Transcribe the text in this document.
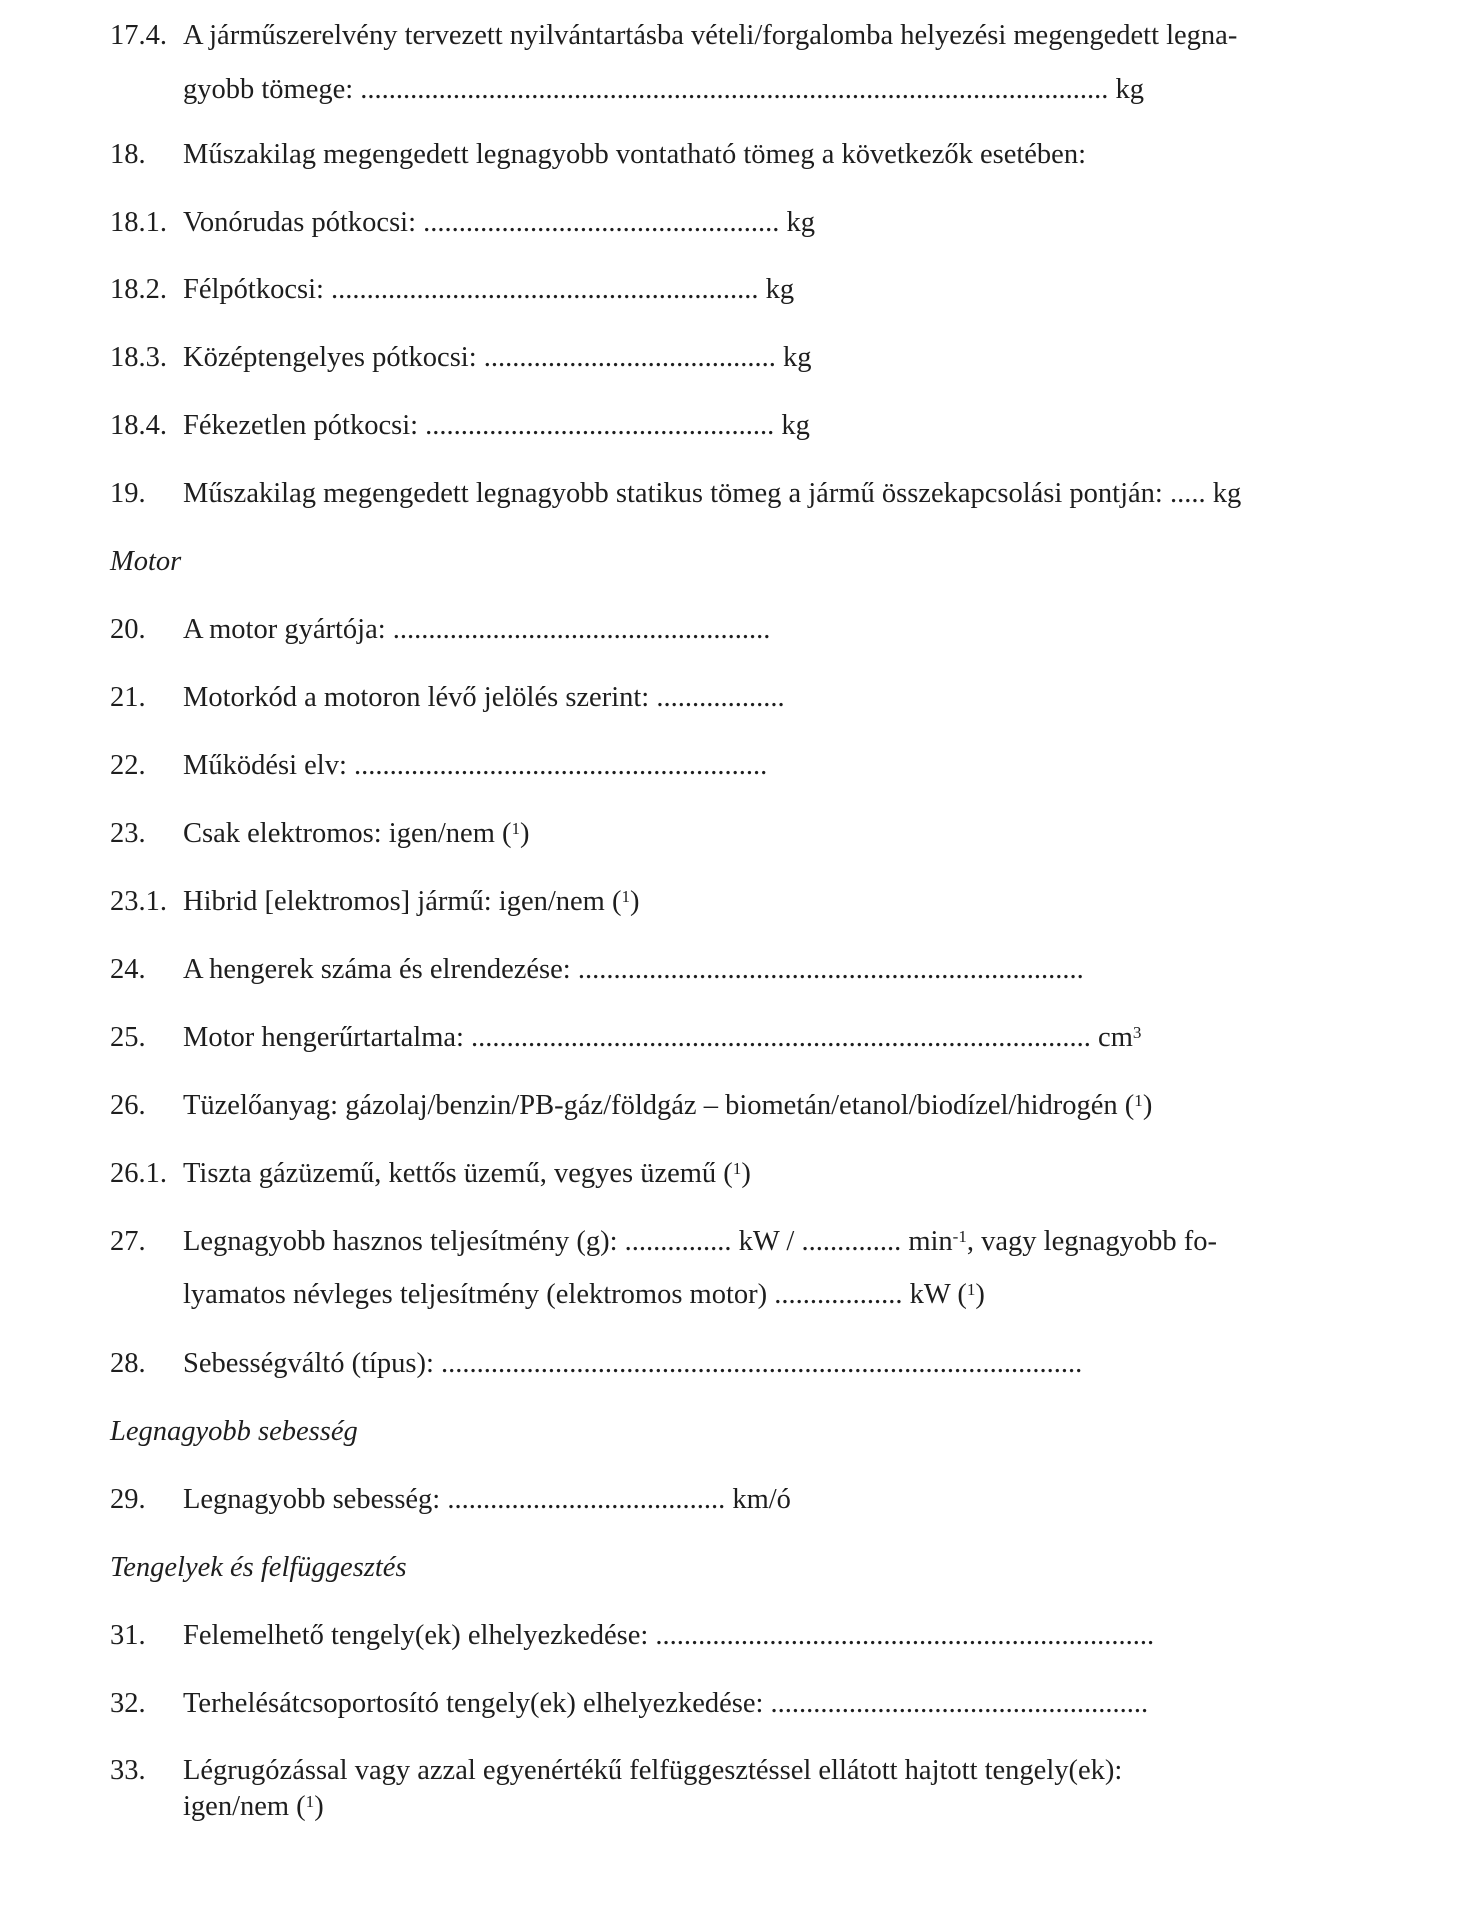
17.4. A járműszerelvény tervezett nyilvántartásba vételi/forgalomba helyezési megengedett legna-
gyobb tömege: ......................................................................................................... kg
18. Műszakilag megengedett legnagyobb vontatható tömeg a következők esetében:
18.1. Vonórudas pótkocsi: .................................................. kg
18.2. Félpótkocsi: ............................................................ kg
18.3. Középtengelyes pótkocsi: ......................................... kg
18.4. Fékezetlen pótkocsi: ................................................. kg
19. Műszakilag megengedett legnagyobb statikus tömeg a jármű összekapcsolási pontján: ..... kg
Motor
20. A motor gyártója: .....................................................
21. Motorkód a motoron lévő jelölés szerint: ..................
22. Működési elv: ..........................................................
23. Csak elektromos: igen/nem ($^1$)
23.1. Hibrid [elektromos] jármű: igen/nem ($^1$)
24. A hengerek száma és elrendezése: .......................................................................
25. Motor hengerűrtartalma: ....................................................................................... $cm^3$
26. Tüzelőanyag: gázolaj/benzin/PB-gáz/földgáz – biometán/etanol/biodízel/hidrogén ($^1$)
26.1. Tiszta gázüzemű, kettős üzemű, vegyes üzemű ($^1$)
27. Legnagyobb hasznos teljesítmény (g): ............... kW / .............. $\min^{-1}$, vagy legnagyobb fo-
lyamatos névleges teljesítmény (elektromos motor) .................. kW ($^1$)
28. Sebességváltó (típus): ..........................................................................................
Legnagyobb sebesség
29. Legnagyobb sebesség: ....................................... km/ó
Tengelyek és felfüggesztés
31. Felemelhető tengely(ek) elhelyezkedése: ......................................................................
32. Terhelésátcsoportosító tengely(ek) elhelyezkedése: .....................................................
33. Légrugózással vagy azzal egyenértékű felfüggesztéssel ellátott hajtott tengely(ek):
igen/nem ($^1$)
